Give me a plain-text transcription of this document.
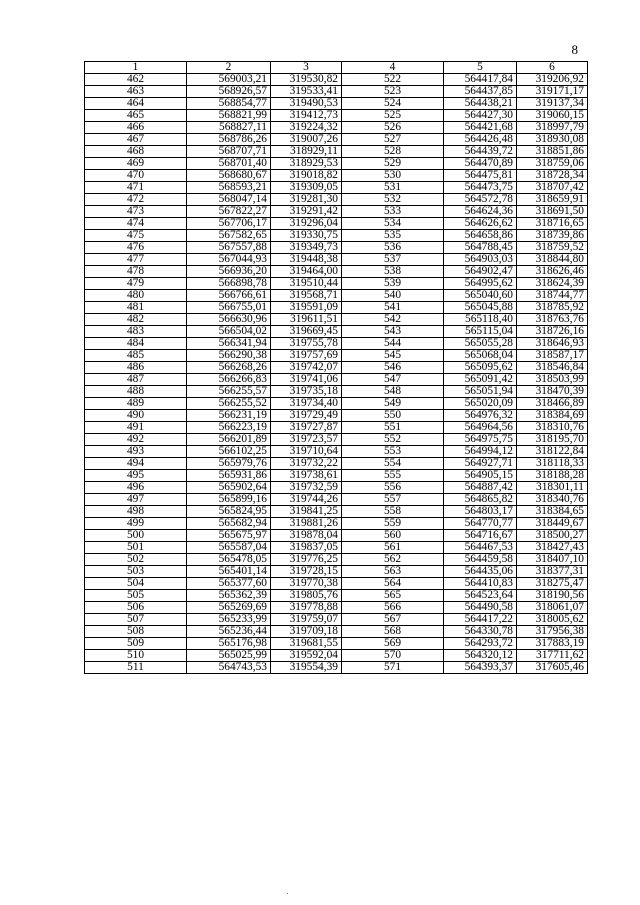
8
1	2	3	4	5	6
462	569003,21	319530,82	522	564417,84	319206,92
463	568926,57	319533,41	523	564437,85	319171,17
464	568854,77	319490,53	524	564438,21	319137,34
465	568821,99	319412,73	525	564427,30	319060,15
466	568827,11	319224,32	526	564421,68	318997,79
467	568786,26	319007,26	527	564426,48	318930,08
468	568707,71	318929,11	528	564439,72	318851,86
469	568701,40	318929,53	529	564470,89	318759,06
470	568680,67	319018,82	530	564475,81	318728,34
471	568593,21	319309,05	531	564473,75	318707,42
472	568047,14	319281,30	532	564572,78	318659,91
473	567822,27	319291,42	533	564624,36	318691,50
474	567706,17	319296,04	534	564626,62	318716,65
475	567582,65	319330,75	535	564658,86	318739,86
476	567557,88	319349,73	536	564788,45	318759,52
477	567044,93	319448,38	537	564903,03	318844,80
478	566936,20	319464,00	538	564902,47	318626,46
479	566898,78	319510,44	539	564995,62	318624,39
480	566766,61	319568,71	540	565040,60	318744,77
481	566755,01	319591,09	541	565045,88	318785,92
482	566630,96	319611,51	542	565118,40	318763,76
483	566504,02	319669,45	543	565115,04	318726,16
484	566341,94	319755,78	544	565055,28	318646,93
485	566290,38	319757,69	545	565068,04	318587,17
486	566268,26	319742,07	546	565095,62	318546,84
487	566266,83	319741,06	547	565091,42	318503,99
488	566255,57	319735,18	548	565051,94	318470,39
489	566255,52	319734,40	549	565020,09	318466,89
490	566231,19	319729,49	550	564976,32	318384,69
491	566223,19	319727,87	551	564964,56	318310,76
492	566201,89	319723,57	552	564975,75	318195,70
493	566102,25	319710,64	553	564994,12	318122,84
494	565979,76	319732,22	554	564927,71	318118,33
495	565931,86	319738,61	555	564905,15	318188,28
496	565902,64	319732,59	556	564887,42	318301,11
497	565899,16	319744,26	557	564865,82	318340,76
498	565824,95	319841,25	558	564803,17	318384,65
499	565682,94	319881,26	559	564770,77	318449,67
500	565675,97	319878,04	560	564716,67	318500,27
501	565587,04	319837,05	561	564467,53	318427,43
502	565478,05	319776,25	562	564459,58	318407,10
503	565401,14	319728,15	563	564435,06	318377,31
504	565377,60	319770,38	564	564410,83	318275,47
505	565362,39	319805,76	565	564523,64	318190,56
506	565269,69	319778,88	566	564490,58	318061,07
507	565233,99	319759,07	567	564417,22	318005,62
508	565236,44	319709,18	568	564330,78	317956,38
509	565176,98	319681,55	569	564293,72	317883,19
510	565025,99	319592,04	570	564320,12	317711,62
511	564743,53	319554,39	571	564393,37	317605,46
